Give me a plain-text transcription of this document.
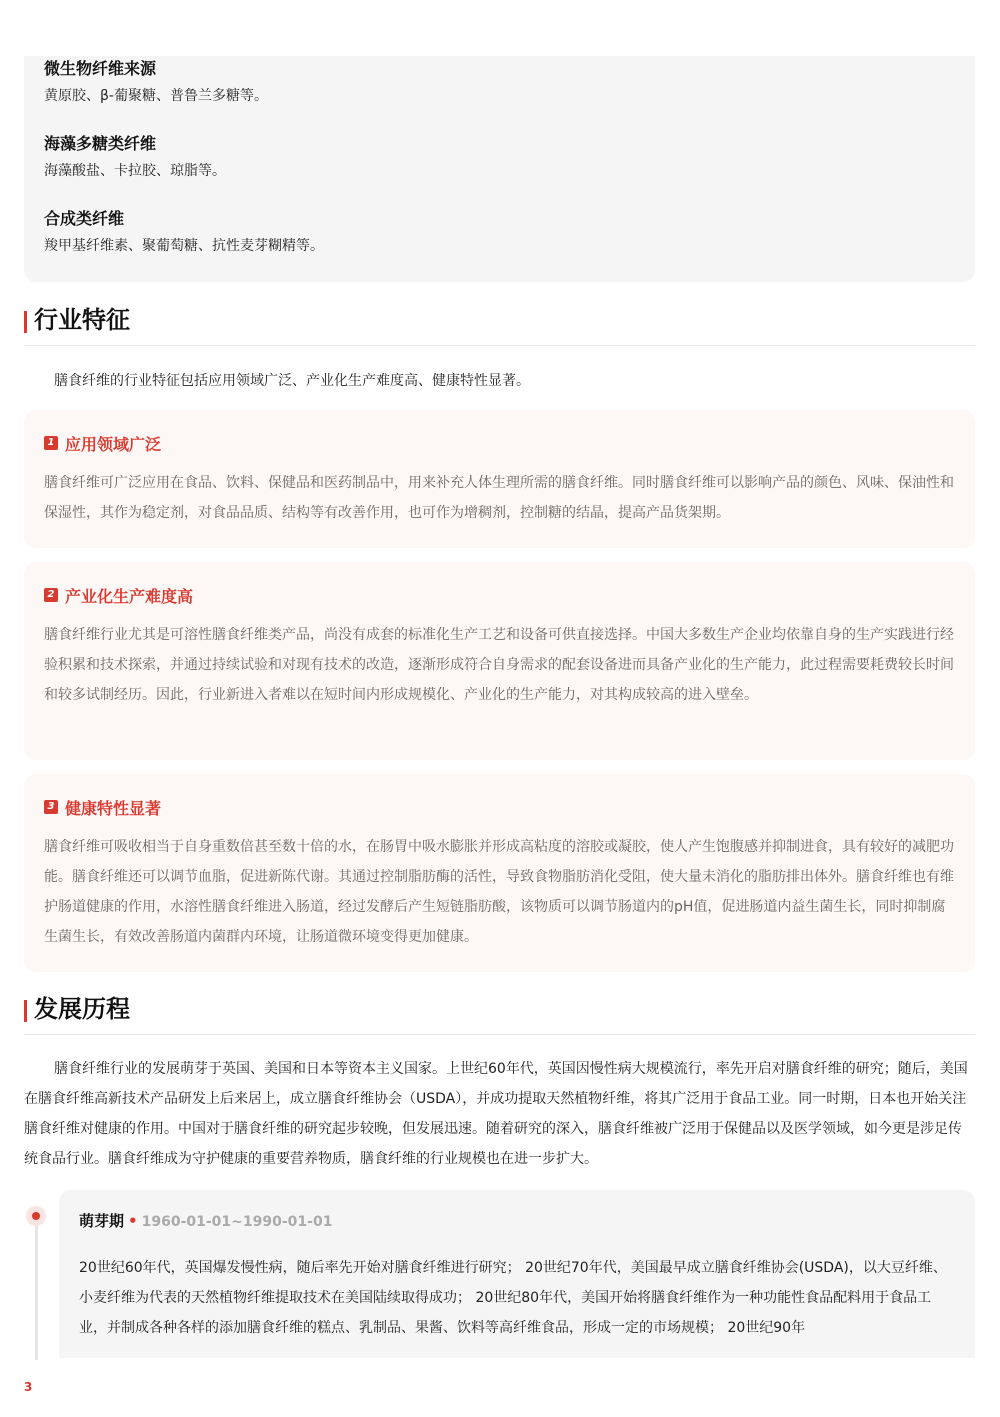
微生物纤维来源
黄原胶、β-葡聚糖、普鲁兰多糖等。
海藻多糖类纤维
海藻酸盐、卡拉胶、琼脂等。
合成类纤维
羧甲基纤维素、聚葡萄糖、抗性麦芽糊精等。
行业特征
膳食纤维的行业特征包括应用领域广泛、产业化生产难度高、健康特性显著。
1 应用领域广泛
膳食纤维可广泛应用在食品、饮料、保健品和医药制品中，用来补充人体生理所需的膳食纤维。同时膳食纤维可以影响产品的颜色、风味、保油性和保湿性，其作为稳定剂，对食品品质、结构等有改善作用，也可作为增稠剂，控制糖的结晶，提高产品货架期。
2 产业化生产难度高
膳食纤维行业尤其是可溶性膳食纤维类产品，尚没有成套的标准化生产工艺和设备可供直接选择。中国大多数生产企业均依靠自身的生产实践进行经验积累和技术探索，并通过持续试验和对现有技术的改造，逐渐形成符合自身需求的配套设备进而具备产业化的生产能力，此过程需要耗费较长时间和较多试制经历。因此，行业新进入者难以在短时间内形成规模化、产业化的生产能力，对其构成较高的进入壁垒。
3 健康特性显著
膳食纤维可吸收相当于自身重数倍甚至数十倍的水，在肠胃中吸水膨胀并形成高粘度的溶胶或凝胶，使人产生饱腹感并抑制进食，具有较好的减肥功能。膳食纤维还可以调节血脂，促进新陈代谢。其通过控制脂肪酶的活性，导致食物脂肪消化受阻，使大量未消化的脂肪排出体外。膳食纤维也有维护肠道健康的作用，水溶性膳食纤维进入肠道，经过发酵后产生短链脂肪酸，该物质可以调节肠道内的pH值，促进肠道内益生菌生长，同时抑制腐生菌生长，有效改善肠道内菌群内环境，让肠道微环境变得更加健康。
发展历程
膳食纤维行业的发展萌芽于英国、美国和日本等资本主义国家。上世纪60年代，英国因慢性病大规模流行，率先开启对膳食纤维的研究；随后，美国在膳食纤维高新技术产品研发上后来居上，成立膳食纤维协会（USDA），并成功提取天然植物纤维，将其广泛用于食品工业。同一时期，日本也开始关注膳食纤维对健康的作用。中国对于膳食纤维的研究起步较晚，但发展迅速。随着研究的深入，膳食纤维被广泛用于保健品以及医学领域，如今更是涉足传统食品行业。膳食纤维成为守护健康的重要营养物质，膳食纤维的行业规模也在进一步扩大。
萌芽期 • 1960-01-01~1990-01-01
20世纪60年代，英国爆发慢性病，随后率先开始对膳食纤维进行研究； 20世纪70年代，美国最早成立膳食纤维协会(USDA)，以大豆纤维、小麦纤维为代表的天然植物纤维提取技术在美国陆续取得成功； 20世纪80年代，美国开始将膳食纤维作为一种功能性食品配料用于食品工业，并制成各种各样的添加膳食纤维的糕点、乳制品、果酱、饮料等高纤维食品，形成一定的市场规模； 20世纪90年
3
